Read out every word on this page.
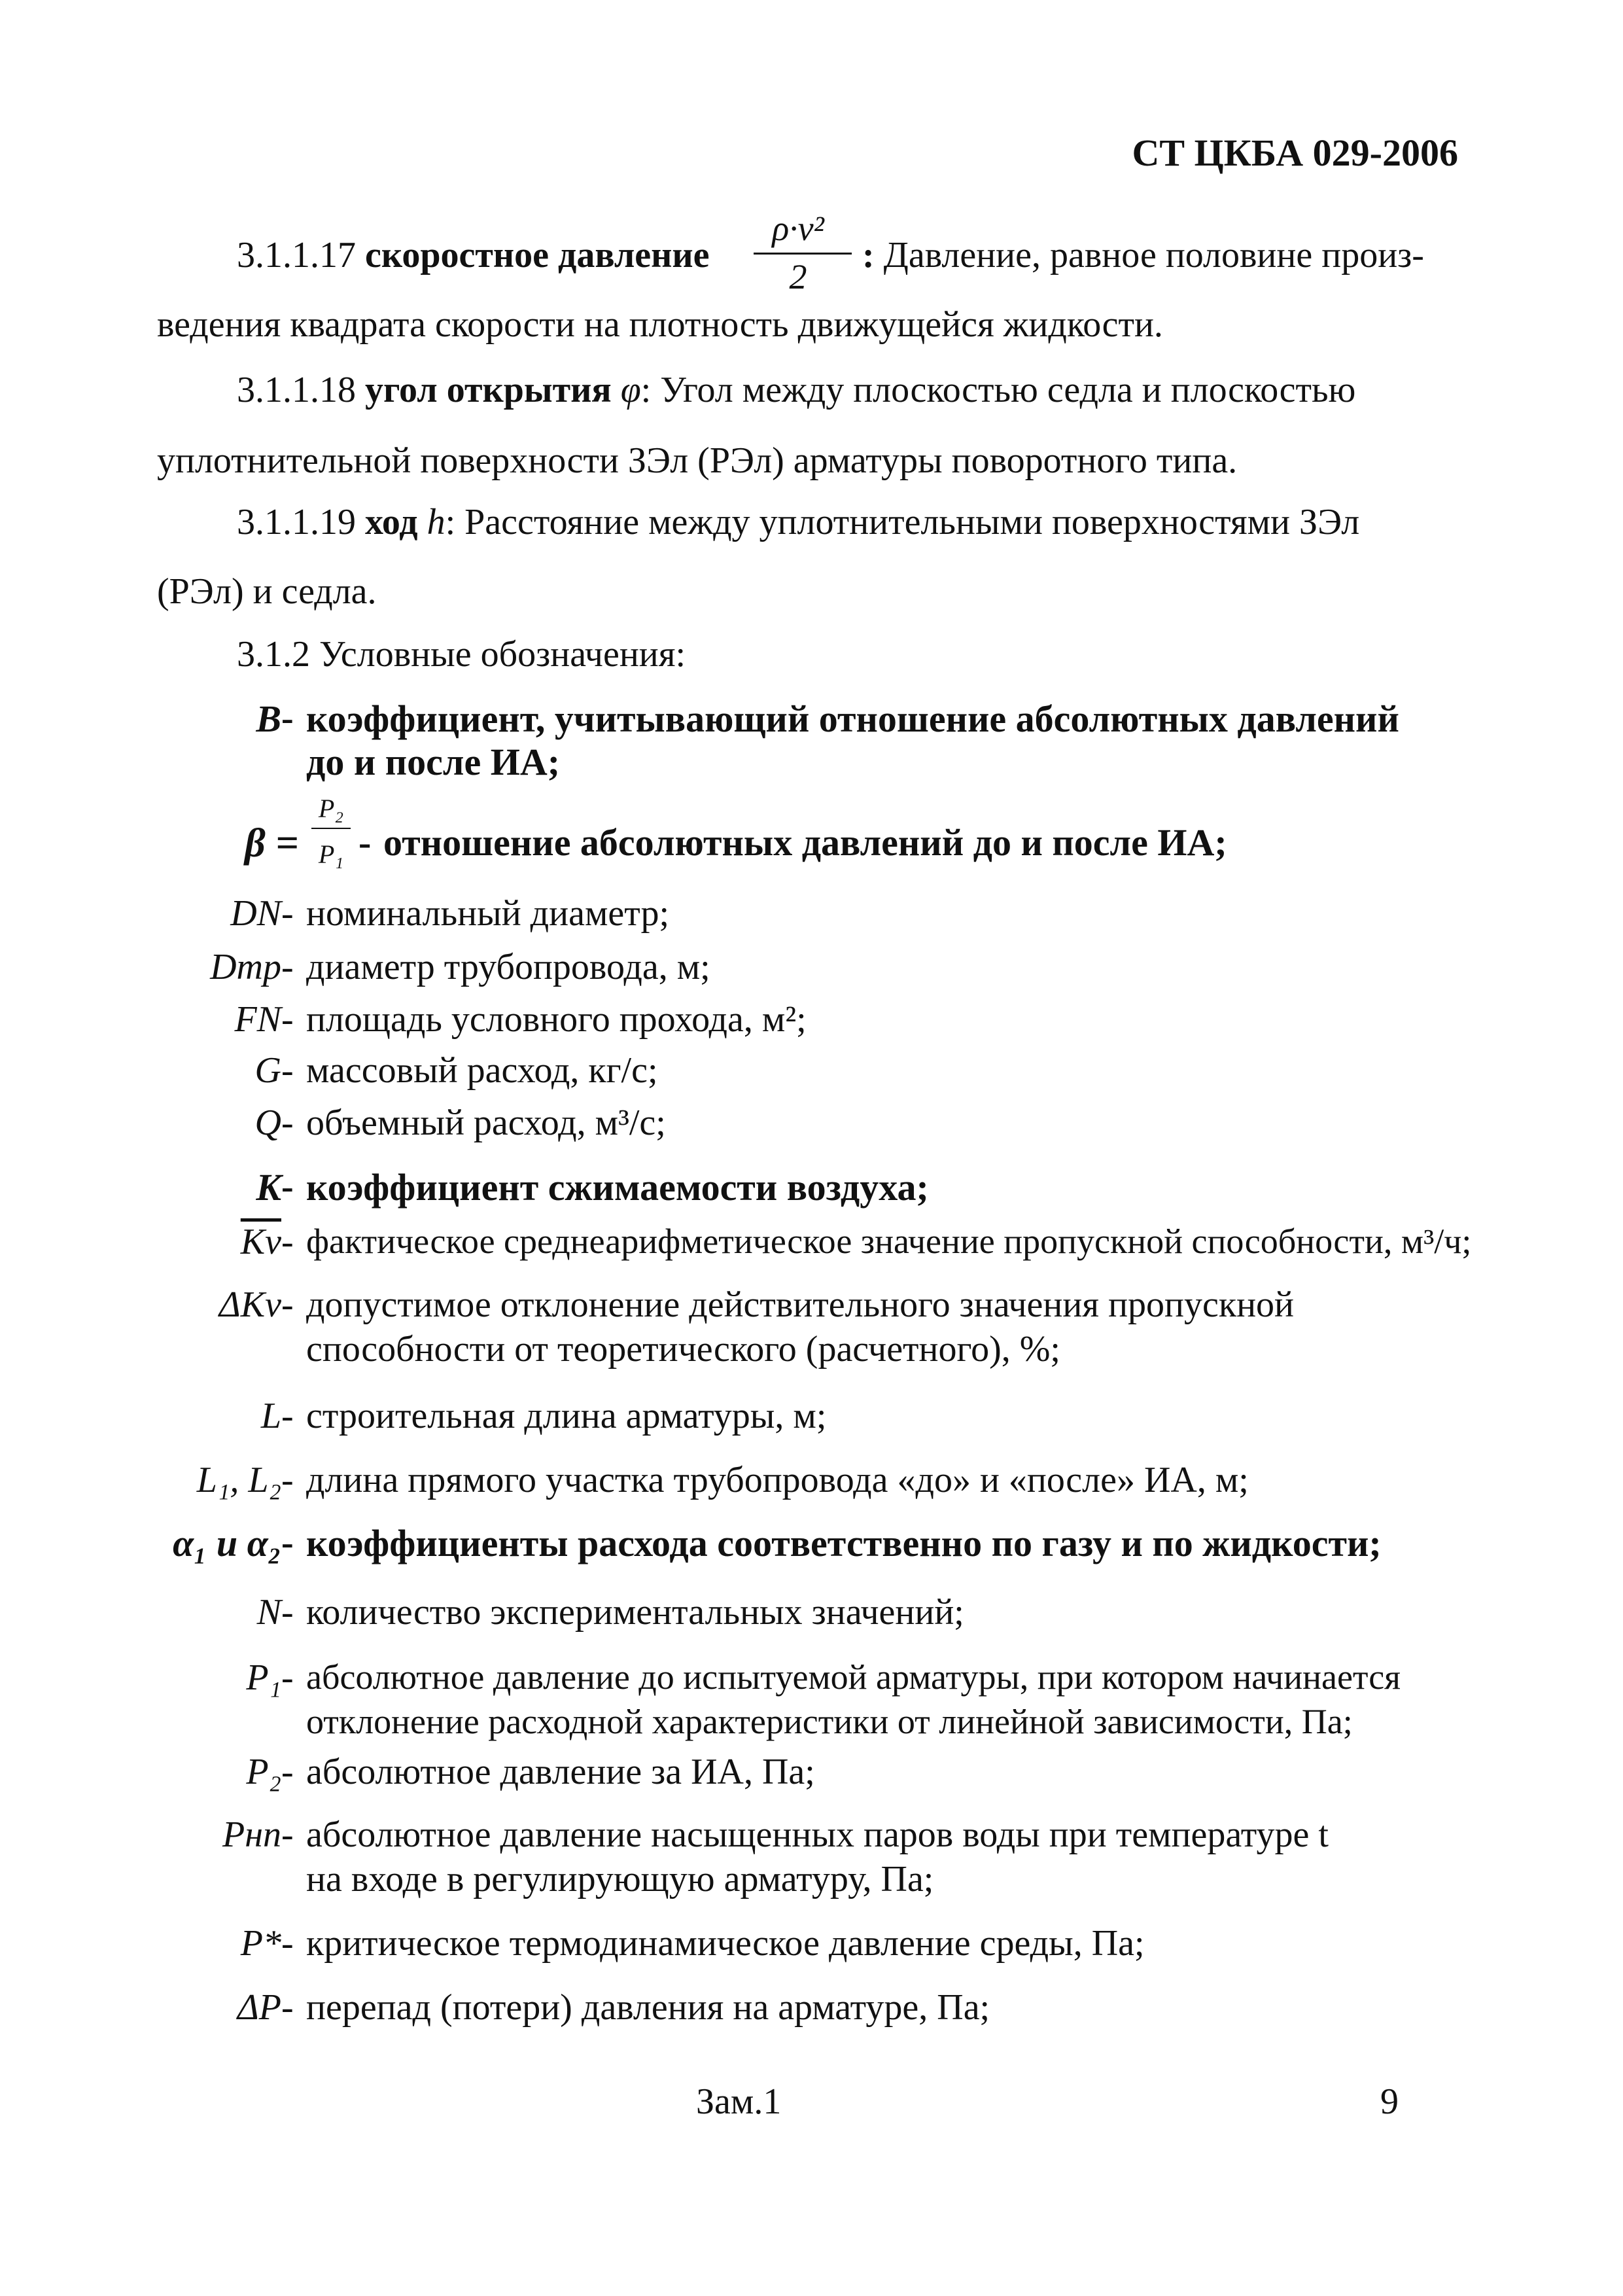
СТ ЦКБА 029-2006
3.1.1.17 скоростное давление
ρ·v²
2
: Давление, равное половине произ-
ведения квадрата скорости на плотность движущейся жидкости.
3.1.1.18 угол открытия φ: Угол между плоскостью седла и плоскостью
уплотнительной поверхности ЗЭл (РЭл) арматуры поворотного типа.
3.1.1.19 ход h: Расстояние между уплотнительными поверхностями ЗЭл
(РЭл) и седла.
3.1.2 Условные обозначения:
B - коэффициент, учитывающий отношение абсолютных давлений
до и после ИА;
β =
P₂
P₁ - отношение абсолютных давлений до и после ИА;
DN - номинальный диаметр;
Dmp - диаметр трубопровода, м;
FN - площадь условного прохода, м²;
G - массовый расход, кг/с;
Q - объемный расход, м³/с;
K - коэффициент сжимаемости воздуха;
$\overline{Kv}$ - фактическое среднеарифметическое значение пропускной способности, м³/ч;
ΔKv - допустимое отклонение действительного значения пропускной
способности от теоретического (расчетного), %;
L - строительная длина арматуры, м;
L₁, L₂ - длина прямого участка трубопровода «до» и «после» ИА, м;
α₁ и α₂ - коэффициенты расхода соответственно по газу и по жидкости;
N - количество экспериментальных значений;
P₁ - абсолютное давление до испытуемой арматуры, при котором начинается
отклонение расходной характеристики от линейной зависимости, Па;
P₂ - абсолютное давление за ИА, Па;
Pнп - абсолютное давление насыщенных паров воды при температуре t
на входе в регулирующую арматуру, Па;
P* - критическое термодинамическое давление среды, Па;
ΔP - перепад (потери) давления на арматуре, Па;
Зам.1	9
